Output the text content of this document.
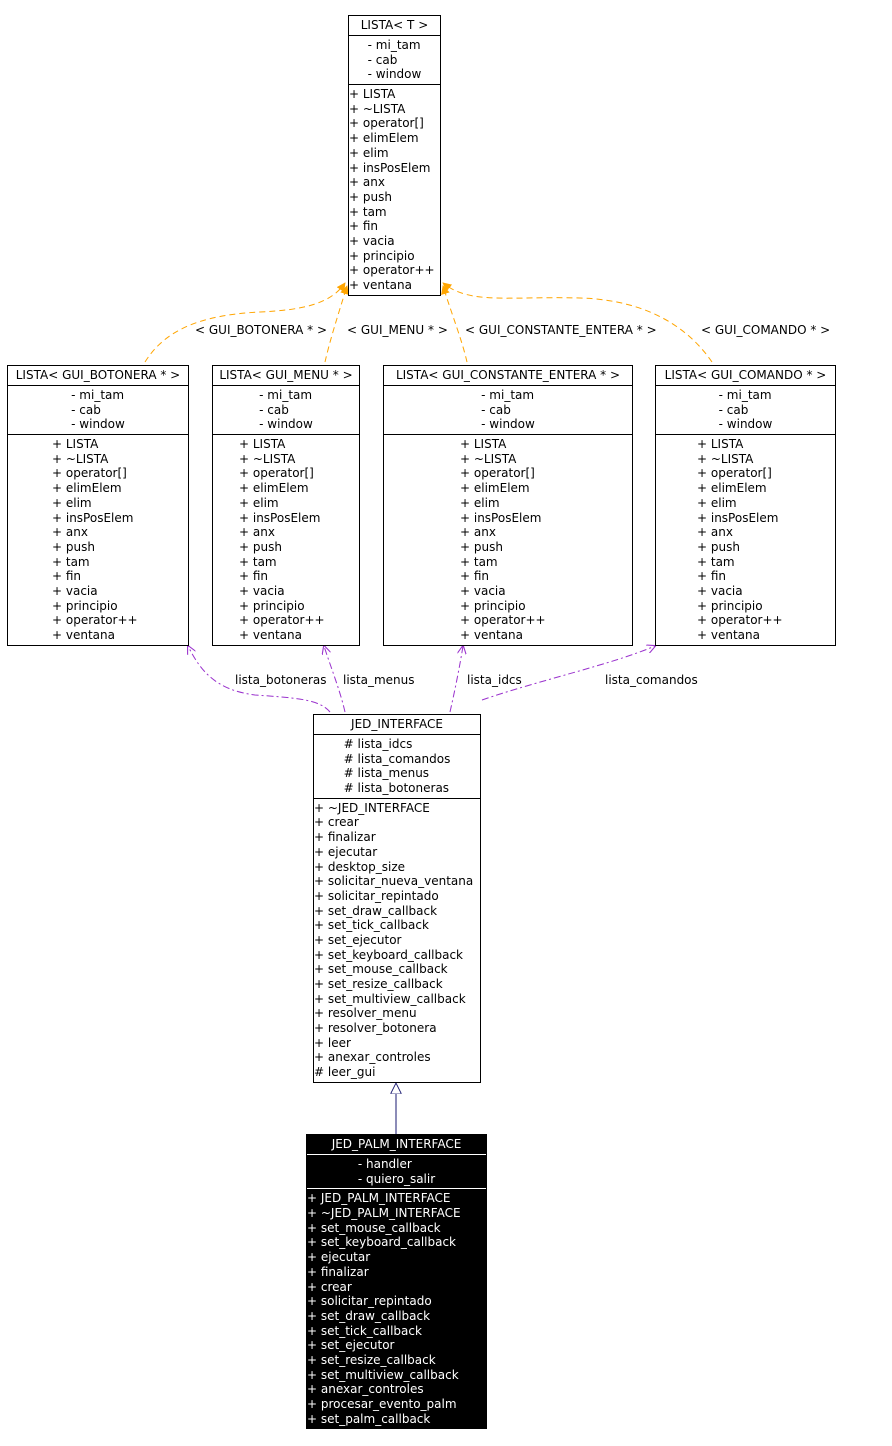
< GUI_BOTONERA * > < GUI_MENU * > < GUI_CONSTANTE_ENTERA * >	< GUI_COMANDO * >
lista_botoneras lista_menus	lista_idcs	lista_comandos
LISTA< T >
- mi_tam
- cab
- window
+ LISTA
+ ~LISTA
+ operator[]
+ elimElem
+ elim
+ insPosElem
+ anx
+ push
+ tam
+ fin
+ vacia
+ principio
+ operator++
+ ventana
LISTA< GUI_BOTONERA * >
- mi_tam
- cab
- window
+ LISTA
+ ~LISTA
+ operator[]
+ elimElem
+ elim
+ insPosElem
+ anx
+ push
+ tam
+ fin
+ vacia
+ principio
+ operator++
+ ventana
LISTA< GUI_MENU * >
- mi_tam
- cab
- window
+ LISTA
+ ~LISTA
+ operator[]
+ elimElem
+ elim
+ insPosElem
+ anx
+ push
+ tam
+ fin
+ vacia
+ principio
+ operator++
+ ventana
LISTA< GUI_CONSTANTE_ENTERA * >
- mi_tam
- cab
- window
+ LISTA
+ ~LISTA
+ operator[]
+ elimElem
+ elim
+ insPosElem
+ anx
+ push
+ tam
+ fin
+ vacia
+ principio
+ operator++
+ ventana
LISTA< GUI_COMANDO * >
- mi_tam
- cab
- window
+ LISTA
+ ~LISTA
+ operator[]
+ elimElem
+ elim
+ insPosElem
+ anx
+ push
+ tam
+ fin
+ vacia
+ principio
+ operator++
+ ventana
JED_INTERFACE
# lista_idcs
# lista_comandos
# lista_menus
# lista_botoneras
+ ~JED_INTERFACE
+ crear
+ finalizar
+ ejecutar
+ desktop_size
+ solicitar_nueva_ventana
+ solicitar_repintado
+ set_draw_callback
+ set_tick_callback
+ set_ejecutor
+ set_keyboard_callback
+ set_mouse_callback
+ set_resize_callback
+ set_multiview_callback
+ resolver_menu
+ resolver_botonera
+ leer
+ anexar_controles
# leer_gui
JED_PALM_INTERFACE
- handler
- quiero_salir
+ JED_PALM_INTERFACE
+ ~JED_PALM_INTERFACE
+ set_mouse_callback
+ set_keyboard_callback
+ ejecutar
+ finalizar
+ crear
+ solicitar_repintado
+ set_draw_callback
+ set_tick_callback
+ set_ejecutor
+ set_resize_callback
+ set_multiview_callback
+ anexar_controles
+ procesar_evento_palm
+ set_palm_callback
